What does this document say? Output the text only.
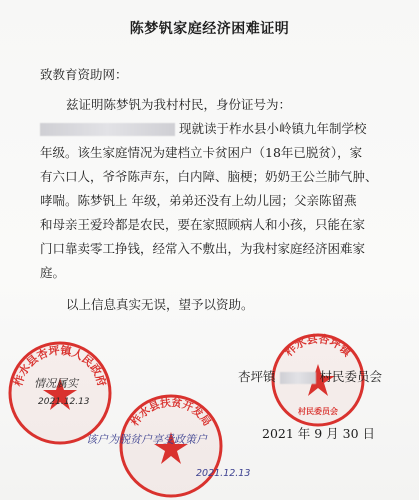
陈梦钒家庭经济困难证明
致教育资助网：
兹证明陈梦钒为我村村民，身份证号为：
现就读于柞水县小岭镇九年制学校
年级。该生家庭情况为建档立卡贫困户（18年已脱贫），家
有六口人，爷爷陈声东，白内障、脑梗；奶奶王公兰肺气肿、
哮喘。陈梦钒上 年级，弟弟还没有上幼儿园；父亲陈留燕
和母亲王爱玲都是农民，要在家照顾病人和小孩，只能在家
门口靠卖零工挣钱，经常入不敷出，为我村家庭经济困难家
庭。
以上信息真实无误，望予以资助。
柞水县杏坪镇
村民委员会
柞水县杏坪镇人民政府
柞水县扶贫开发局
杏坪镇	村民委员会
2021 年 9 月 30 日
情况属实
2021.12.13
该户为脱贫户享受政策户
2021.12.13
